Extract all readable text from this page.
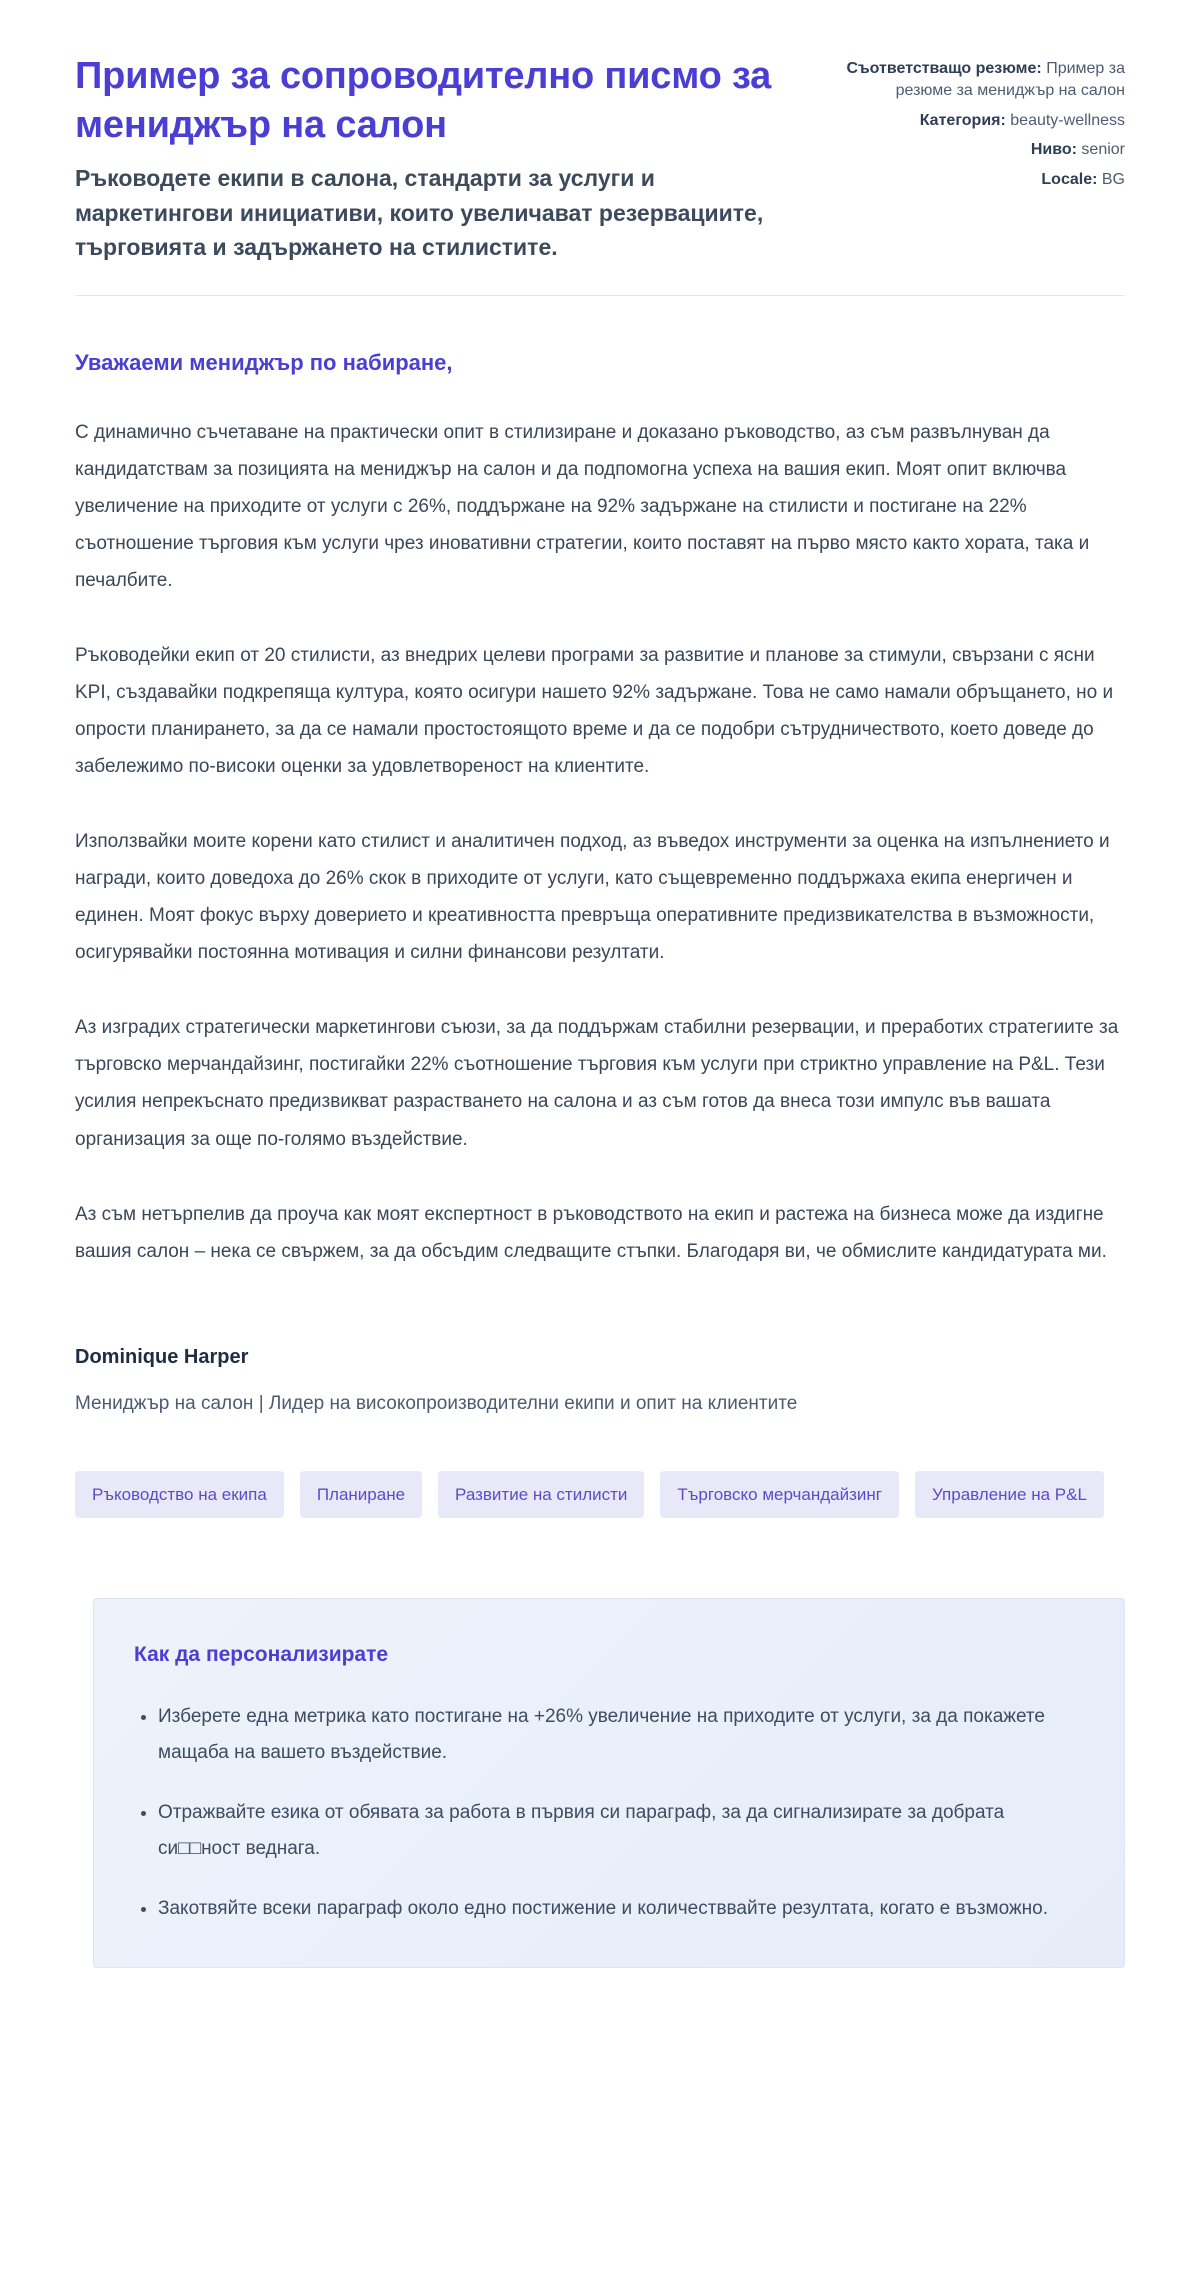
Пример за сопроводително писмо за мениджър на салон

Ръководете екипи в салона, стандарти за услуги и маркетингови инициативи, които увеличават резервациите, търговията и задържането на стилистите.

Съответстващо резюме: Пример за резюме за мениджър на салон
Категория: beauty-wellness
Ниво: senior
Locale: BG

Уважаеми мениджър по набиране,

С динамично съчетаване на практически опит в стилизиране и доказано ръководство, аз съм развълнуван да кандидатствам за позицията на мениджър на салон и да подпомогна успеха на вашия екип. Моят опит включва увеличение на приходите от услуги с 26%, поддържане на 92% задържане на стилисти и постигане на 22% съотношение търговия към услуги чрез иновативни стратегии, които поставят на първо място както хората, така и печалбите.

Ръководейки екип от 20 стилисти, аз внедрих целеви програми за развитие и планове за стимули, свързани с ясни KPI, създавайки подкрепяща култура, която осигури нашето 92% задържане. Това не само намали обръщането, но и опрости планирането, за да се намали простостоящото време и да се подобри сътрудничеството, което доведе до забележимо по-високи оценки за удовлетвореност на клиентите.

Използвайки моите корени като стилист и аналитичен подход, аз въведох инструменти за оценка на изпълнението и награди, които доведоха до 26% скок в приходите от услуги, като същевременно поддържаха екипа енергичен и единен. Моят фокус върху доверието и креативността превръща оперативните предизвикателства в възможности, осигурявайки постоянна мотивация и силни финансови резултати.

Аз изградих стратегически маркетингови съюзи, за да поддържам стабилни резервации, и преработих стратегиите за търговско мерчандайзинг, постигайки 22% съотношение търговия към услуги при стриктно управление на P&L. Тези усилия непрекъснато предизвикват разрастването на салона и аз съм готов да внеса този импулс във вашата организация за още по-голямо въздействие.

Аз съм нетърпелив да проуча как моят експертност в ръководството на екип и растежа на бизнеса може да издигне вашия салон – нека се свържем, за да обсъдим следващите стъпки. Благодаря ви, че обмислите кандидатурата ми.

Dominique Harper

Мениджър на салон | Лидер на високопроизводителни екипи и опит на клиентите

Ръководство на екипа	Планиране	Развитие на стилисти	Търговско мерчандайзинг	Управление на P&L
Как да персонализирате
• Изберете една метрика като постигане на +26% увеличение на приходите от услуги, за да покажете мащаба на вашето въздействие.
• Отражвайте езика от обявата за работа в първия си параграф, за да сигнализирате за добрата си□□ност веднага.
• Закотвяйте всеки параграф около едно постижение и количестввайте резултата, когато е възможно.
